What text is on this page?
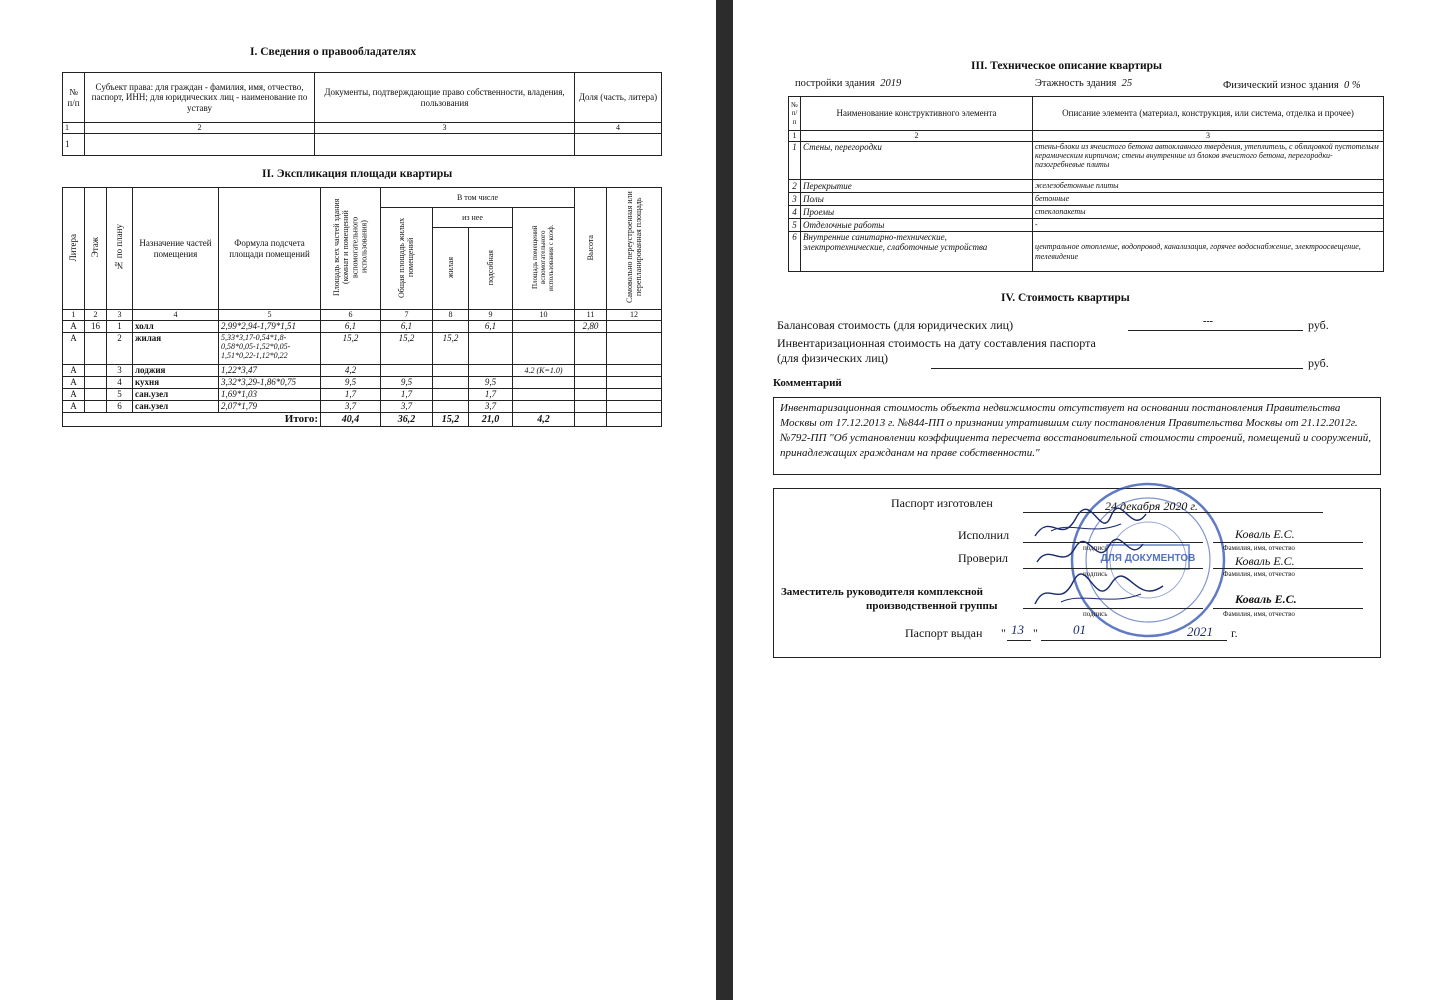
I. Сведения о правообладателях
№ п/п	Субъект права: для граждан - фамилия, имя, отчество, паспорт, ИНН; для юридических лиц - наименование по уставу	Документы, подтверждающие право собственности, владения, пользования	Доля (часть, литера)
1	2	3	4
1			
II. Экспликация площади квартиры
Литера	Этаж	№ по плану	Назначение частей помещения	Формула подсчета площади помещений	Площадь всех частей здания (комнат и помещений вспомогательного использования)	В том числе				Высота	Самовольно переустроенная или перепланированная площадь
						Общая площадь жилых помещений	из нее		Площадь помещений вспомогательного использования с коэф.		
							жилая	подсобная			
1	2	3	4	5	6	7	8	9	10	11	12
А	16	1	холл	2,99*2,94-1,79*1,51	6,1	6,1		6,1		2,80	
А		2	жилая	5,33*3,17-0,54*1,8-0,58*0,05-1,52*0,05-1,51*0,22-1,12*0,22	15,2	15,2	15,2				
А		3	лоджия	1,22*3,47	4,2				4.2 (К=1.0)		
А		4	кухня	3,32*3,29-1,86*0,75	9,5	9,5		9,5			
А		5	сан.узел	1,69*1,03	1,7	1,7		1,7			
А		6	сан.узел	2,07*1,79	3,7	3,7		3,7			
Итого:					40,4	36,2	15,2	21,0	4,2		
III. Техническое описание квартиры
постройки здания 2019	Этажность здания 25	Физический износ здания 0 %
№ п/п	Наименование конструктивного элемента	Описание элемента (материал, конструкция, или система, отделка и прочее)
1	2	3
1	Стены, перегородки	стены-блоки из ячеистого бетона автоклавного твердения, утеплитель, с облицовкой пустотелым керамическим кирпичом; стены внутренние из блоков ячеистого бетона, перегородки-пазогребневые плиты
2	Перекрытие	железобетонные плиты
3	Полы	бетонные
4	Проемы	стеклопакеты
5	Отделочные работы	-
6	Внутренние санитарно-технические, электротехнические, слаботочные устройства	центральное отопление, водопровод, канализация, горячее водоснабжение, электроосвещение, телевидение
IV. Стоимость квартиры
Балансовая стоимость (для юридических лиц)	---	руб.
Инвентаризационная стоимость на дату составления паспорта
(для физических лиц)	руб.
Комментарий
Инвентаризационная стоимость объекта недвижимости отсутствует на основании постановления Правительства Москвы от 17.12.2013 г. №844-ПП о признании утратившим силу постановления Правительства Москвы от 21.12.2012г. №792-ПП "Об установлении коэффициента пересчета восстановительной стоимости строений, помещений и сооружений, принадлежащих гражданам на праве собственности."
ДЛЯ ДОКУМЕНТОВ
Паспорт изготовлен	24 декабря 2020 г.
Исполнил	Коваль Е.С.
подпись	Фамилия, имя, отчество
Проверил	Коваль Е.С.
подпись	Фамилия, имя, отчество
Заместитель руководителя комплексной
производственной группы	Коваль Е.С.
подпись	Фамилия, имя, отчество
Паспорт выдан " 13 "	01	2021 г.
